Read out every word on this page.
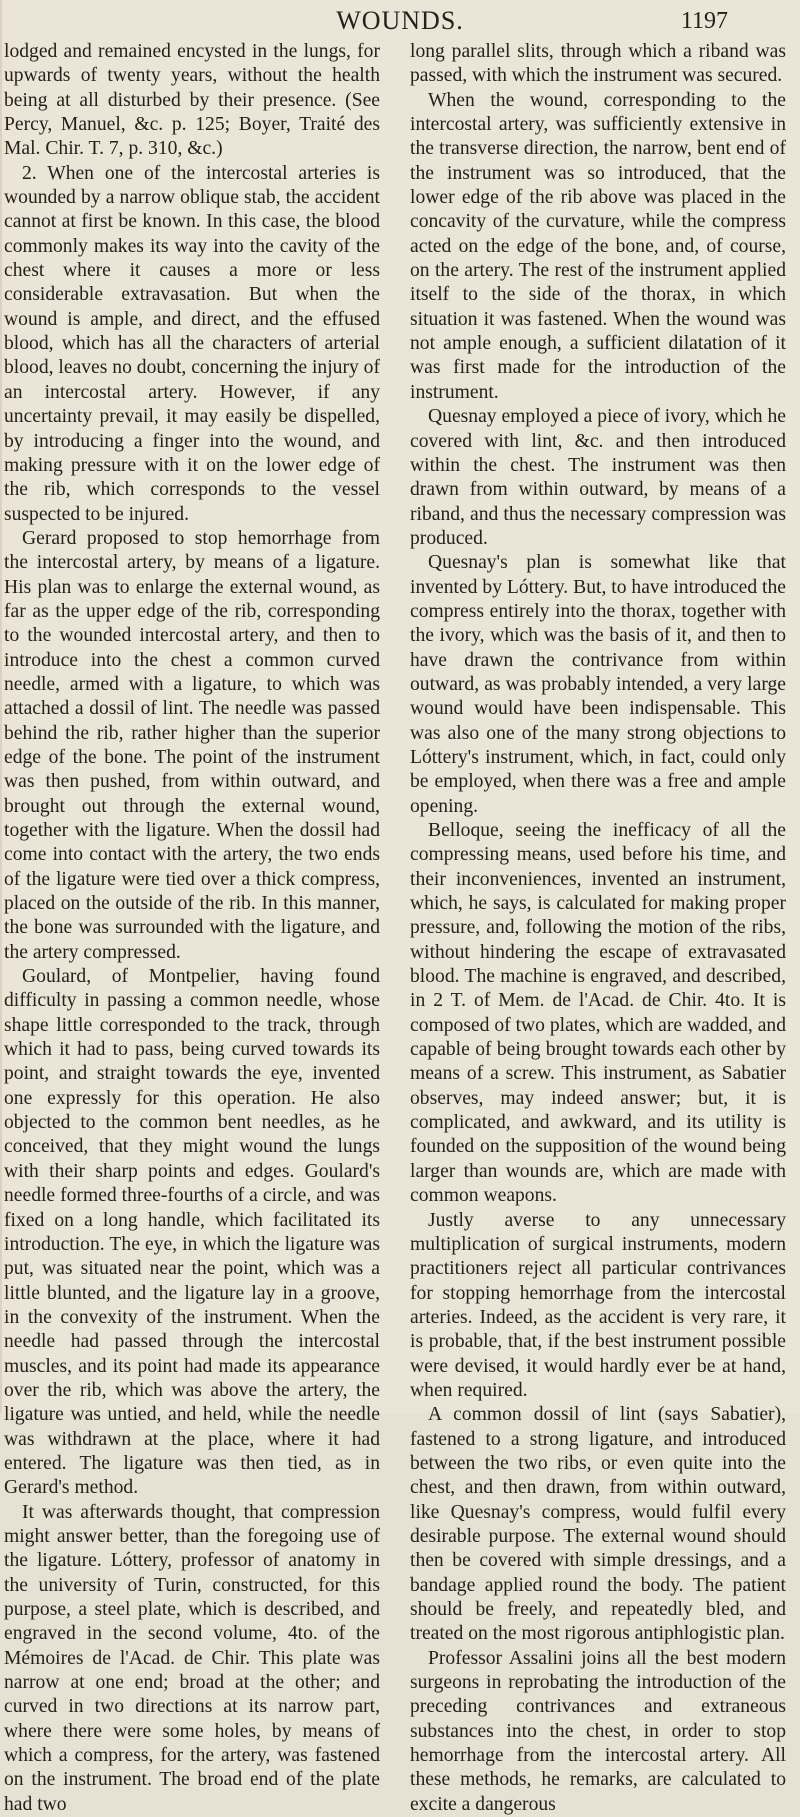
WOUNDS.	1197

lodged and remained encysted in the lungs, for upwards of twenty years, without the health being at all disturbed by their presence. (See Percy, Manuel, &c. p. 125; Boyer, Traité des Mal. Chir. T. 7, p. 310, &c.)

2. When one of the intercostal arteries is wounded by a narrow oblique stab, the accident cannot at first be known. In this case, the blood commonly makes its way into the cavity of the chest where it causes a more or less considerable extravasation. But when the wound is ample, and direct, and the effused blood, which has all the characters of arterial blood, leaves no doubt, concerning the injury of an intercostal artery. However, if any uncertainty prevail, it may easily be dispelled, by introducing a finger into the wound, and making pressure with it on the lower edge of the rib, which corresponds to the vessel suspected to be injured.

Gerard proposed to stop hemorrhage from the intercostal artery, by means of a ligature. His plan was to enlarge the external wound, as far as the upper edge of the rib, corresponding to the wounded intercostal artery, and then to introduce into the chest a common curved needle, armed with a ligature, to which was attached a dossil of lint. The needle was passed behind the rib, rather higher than the superior edge of the bone. The point of the instrument was then pushed, from within outward, and brought out through the external wound, together with the ligature. When the dossil had come into contact with the artery, the two ends of the ligature were tied over a thick compress, placed on the outside of the rib. In this manner, the bone was surrounded with the ligature, and the artery compressed.

Goulard, of Montpelier, having found difficulty in passing a common needle, whose shape little corresponded to the track, through which it had to pass, being curved towards its point, and straight towards the eye, invented one expressly for this operation. He also objected to the common bent needles, as he conceived, that they might wound the lungs with their sharp points and edges. Goulard's needle formed three-fourths of a circle, and was fixed on a long handle, which facilitated its introduction. The eye, in which the ligature was put, was situated near the point, which was a little blunted, and the ligature lay in a groove, in the convexity of the instrument. When the needle had passed through the intercostal muscles, and its point had made its appearance over the rib, which was above the artery, the ligature was untied, and held, while the needle was withdrawn at the place, where it had entered. The ligature was then tied, as in Gerard's method.

It was afterwards thought, that compression might answer better, than the foregoing use of the ligature. Lóttery, professor of anatomy in the university of Turin, constructed, for this purpose, a steel plate, which is described, and engraved in the second volume, 4to. of the Mémoires de l'Acad. de Chir. This plate was narrow at one end; broad at the other; and curved in two directions at its narrow part, where there were some holes, by means of which a compress, for the artery, was fastened on the instrument. The broad end of the plate had two

long parallel slits, through which a riband was passed, with which the instrument was secured.

When the wound, corresponding to the intercostal artery, was sufficiently extensive in the transverse direction, the narrow, bent end of the instrument was so introduced, that the lower edge of the rib above was placed in the concavity of the curvature, while the compress acted on the edge of the bone, and, of course, on the artery. The rest of the instrument applied itself to the side of the thorax, in which situation it was fastened. When the wound was not ample enough, a sufficient dilatation of it was first made for the introduction of the instrument.

Quesnay employed a piece of ivory, which he covered with lint, &c. and then introduced within the chest. The instrument was then drawn from within outward, by means of a riband, and thus the necessary compression was produced.

Quesnay's plan is somewhat like that invented by Lóttery. But, to have introduced the compress entirely into the thorax, together with the ivory, which was the basis of it, and then to have drawn the contrivance from within outward, as was probably intended, a very large wound would have been indispensable. This was also one of the many strong objections to Lóttery's instrument, which, in fact, could only be employed, when there was a free and ample opening.

Belloque, seeing the inefficacy of all the compressing means, used before his time, and their inconveniences, invented an instrument, which, he says, is calculated for making proper pressure, and, following the motion of the ribs, without hindering the escape of extravasated blood. The machine is engraved, and described, in 2 T. of Mem. de l'Acad. de Chir. 4to. It is composed of two plates, which are wadded, and capable of being brought towards each other by means of a screw. This instrument, as Sabatier observes, may indeed answer; but, it is complicated, and awkward, and its utility is founded on the supposition of the wound being larger than wounds are, which are made with common weapons.

Justly averse to any unnecessary multiplication of surgical instruments, modern practitioners reject all particular contrivances for stopping hemorrhage from the intercostal arteries. Indeed, as the accident is very rare, it is probable, that, if the best instrument possible were devised, it would hardly ever be at hand, when required.

A common dossil of lint (says Sabatier), fastened to a strong ligature, and introduced between the two ribs, or even quite into the chest, and then drawn, from within outward, like Quesnay's compress, would fulfil every desirable purpose. The external wound should then be covered with simple dressings, and a bandage applied round the body. The patient should be freely, and repeatedly bled, and treated on the most rigorous antiphlogistic plan.

Professor Assalini joins all the best modern surgeons in reprobating the introduction of the preceding contrivances and extraneous substances into the chest, in order to stop hemorrhage from the intercostal artery. All these methods, he remarks, are calculated to excite a dangerous
